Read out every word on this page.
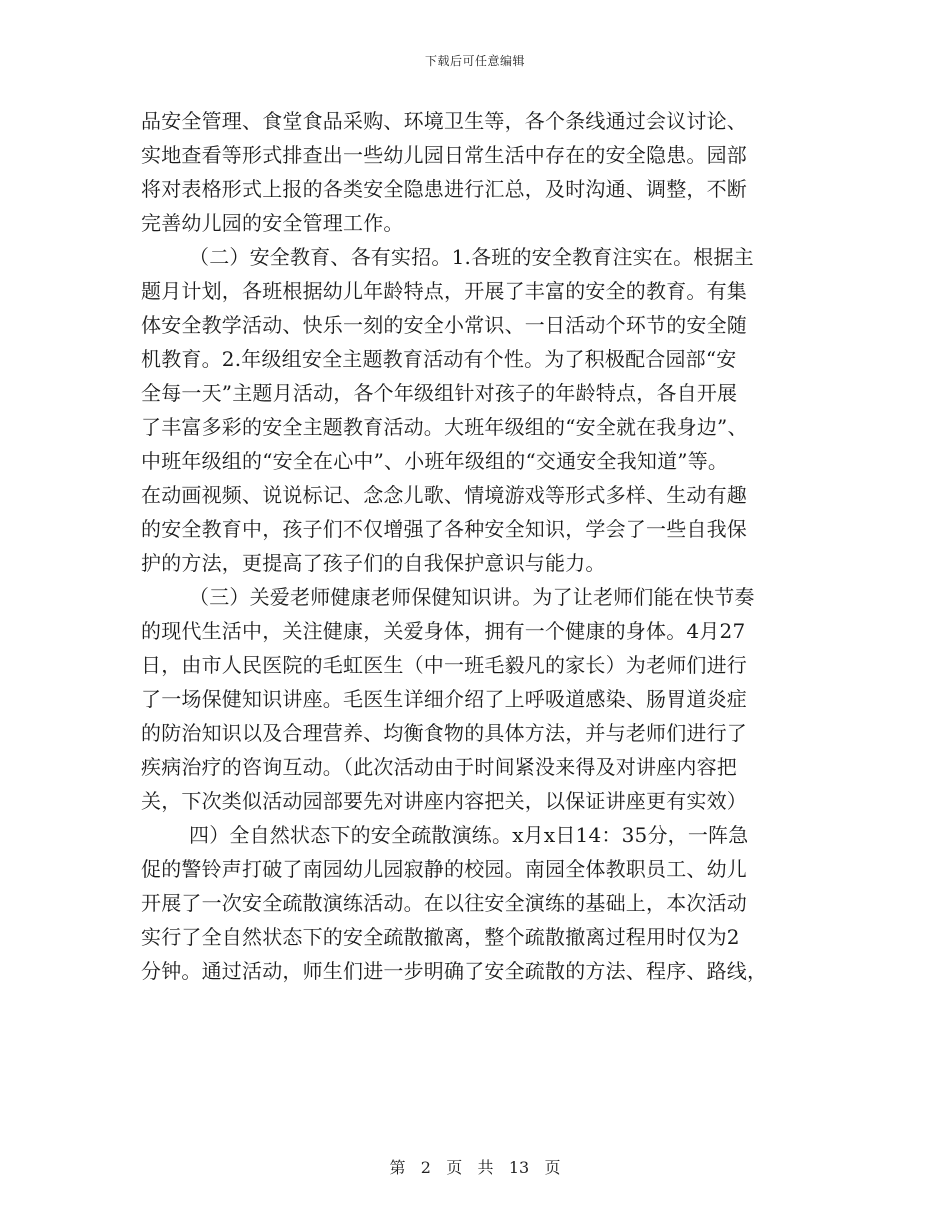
下载后可任意编辑
品安全管理、食堂食品采购、环境卫生等，各个条线通过会议讨论、
实地查看等形式排查出一些幼儿园日常生活中存在的安全隐患。园部
将对表格形式上报的各类安全隐患进行汇总，及时沟通、调整，不断
完善幼儿园的安全管理工作。
（二）安全教育、各有实招。1.各班的安全教育注实在。根据主
题月计划，各班根据幼儿年龄特点，开展了丰富的安全的教育。有集
体安全教学活动、快乐一刻的安全小常识、一日活动个环节的安全随
机教育。2.年级组安全主题教育活动有个性。为了积极配合园部“安
全每一天”主题月活动，各个年级组针对孩子的年龄特点，各自开展
了丰富多彩的安全主题教育活动。大班年级组的“安全就在我身边”、
中班年级组的“安全在心中”、小班年级组的“交通安全我知道”等。
在动画视频、说说标记、念念儿歌、情境游戏等形式多样、生动有趣
的安全教育中，孩子们不仅增强了各种安全知识，学会了一些自我保
护的方法，更提高了孩子们的自我保护意识与能力。
（三）关爱老师健康老师保健知识讲。为了让老师们能在快节奏
的现代生活中，关注健康，关爱身体，拥有一个健康的身体。4月27
日，由市人民医院的毛虹医生（中一班毛毅凡的家长）为老师们进行
了一场保健知识讲座。毛医生详细介绍了上呼吸道感染、肠胃道炎症
的防治知识以及合理营养、均衡食物的具体方法，并与老师们进行了
疾病治疗的咨询互动。（此次活动由于时间紧没来得及对讲座内容把
关，下次类似活动园部要先对讲座内容把关，以保证讲座更有实效）
四）全自然状态下的安全疏散演练。x月x日14：35分，一阵急
促的警铃声打破了南园幼儿园寂静的校园。南园全体教职员工、幼儿
开展了一次安全疏散演练活动。在以往安全演练的基础上，本次活动
实行了全自然状态下的安全疏散撤离，整个疏散撤离过程用时仅为2
分钟。通过活动，师生们进一步明确了安全疏散的方法、程序、路线，
第 2 页 共 13 页
